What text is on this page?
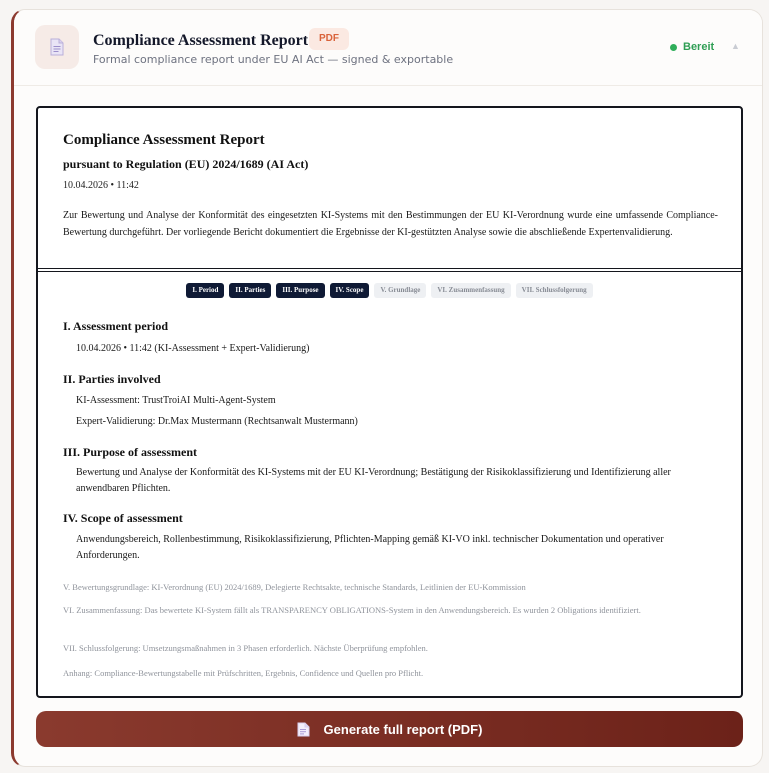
Compliance Assessment Report	PDF
Formal compliance report under EU AI Act — signed & exportable
Bereit ▲
Compliance Assessment Report
pursuant to Regulation (EU) 2024/1689 (AI Act)
10.04.2026 • 11:42
Zur Bewertung und Analyse der Konformität des eingesetzten KI-Systems mit den Bestimmungen der EU KI-Verordnung wurde eine umfassende Compliance-Bewertung durchgeführt. Der vorliegende Bericht dokumentiert die Ergebnisse der KI-gestützten Analyse sowie die abschließende Expertenvalidierung.
I. Period	II. Parties	III. Purpose	IV. Scope	V. Grundlage	VI. Zusammenfassung	VII. Schlussfolgerung
I. Assessment period
10.04.2026 • 11:42 (KI-Assessment + Expert-Validierung)
II. Parties involved
KI-Assessment: TrustTroiAI Multi-Agent-System
Expert-Validierung: Dr.Max Mustermann (Rechtsanwalt Mustermann)
III. Purpose of assessment
Bewertung und Analyse der Konformität des KI-Systems mit der EU KI-Verordnung; Bestätigung der Risikoklassifizierung und Identifizierung aller anwendbaren Pflichten.
IV. Scope of assessment
Anwendungsbereich, Rollenbestimmung, Risikoklassifizierung, Pflichten-Mapping gemäß KI-VO inkl. technischer Dokumentation und operativer Anforderungen.
V. Bewertungsgrundlage: KI-Verordnung (EU) 2024/1689, Delegierte Rechtsakte, technische Standards, Leitlinien der EU-Kommission
VI. Zusammenfassung: Das bewertete KI-System fällt als TRANSPARENCY OBLIGATIONS-System in den Anwendungsbereich. Es wurden 2 Obligations identifiziert.
VII. Schlussfolgerung: Umsetzungsmaßnahmen in 3 Phasen erforderlich. Nächste Überprüfung empfohlen.
Anhang: Compliance-Bewertungstabelle mit Prüfschritten, Ergebnis, Confidence und Quellen pro Pflicht.
Generate full report (PDF)
